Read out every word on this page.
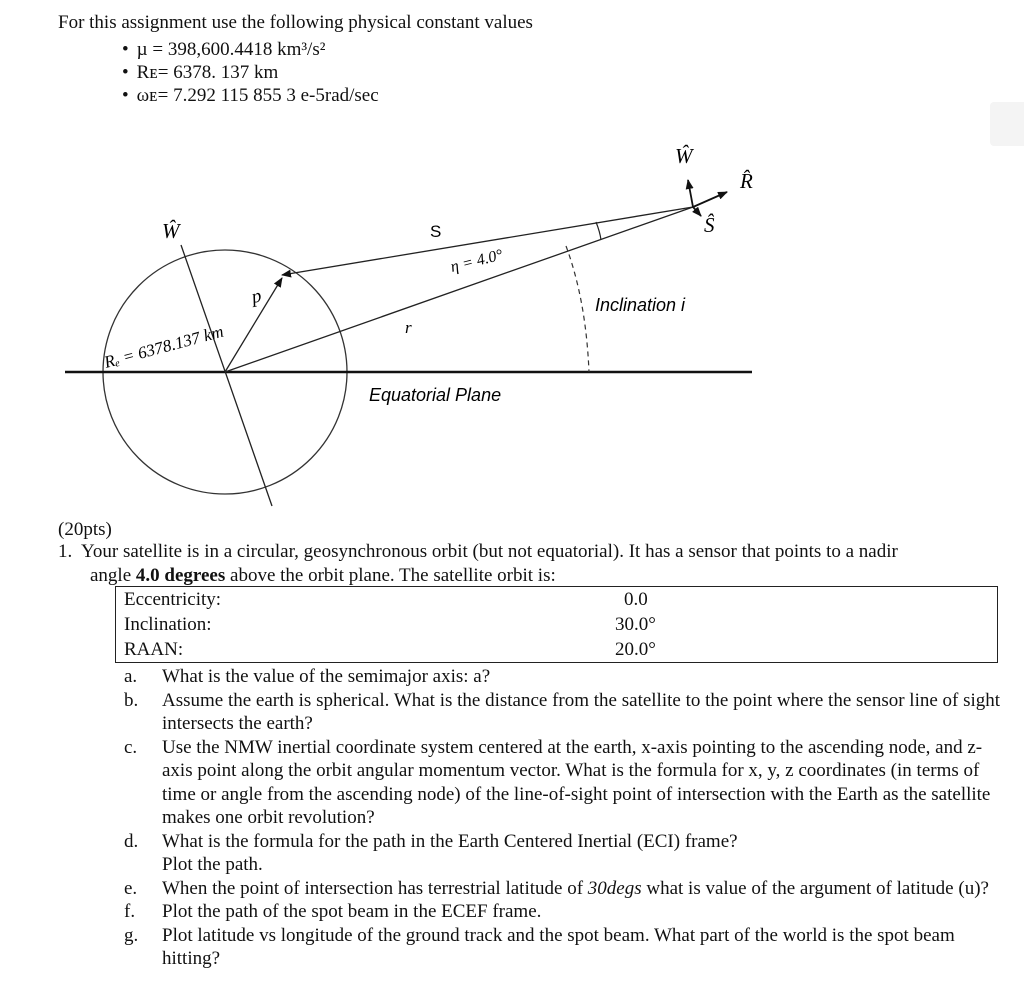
For this assignment use the following physical constant values
• µ = 398,600.4418 km³/s²
• Rᴇ= 6378. 137 km
• ωᴇ= 7.292 115 855 3 e-5rad/sec
Ŵ
Ŵ
R̂
Ŝ
S
η = 4.0°
p⃗
r⃗
Rₑ = 6378.137 km
Inclination i
Equatorial Plane
(20pts)
1. Your satellite is in a circular, geosynchronous orbit (but not equatorial). It has a sensor that points to a nadir
angle 4.0 degrees above the orbit plane. The satellite orbit is:
Eccentricity:	0.0
Inclination:	30.0°
RAAN:	20.0°
a.	What is the value of the semimajor axis: a?
b.	Assume the earth is spherical. What is the distance from the satellite to the point where the sensor line of sight intersects the earth?
c.	Use the NMW inertial coordinate system centered at the earth, x-axis pointing to the ascending node, and z-axis point along the orbit angular momentum vector. What is the formula for x, y, z coordinates (in terms of time or angle from the ascending node) of the line-of-sight point of intersection with the Earth as the satellite makes one orbit revolution?
d.	What is the formula for the path in the Earth Centered Inertial (ECI) frame?
Plot the path.
e.	When the point of intersection has terrestrial latitude of 30degs what is value of the argument of latitude (u)?
f.	Plot the path of the spot beam in the ECEF frame.
g.	Plot latitude vs longitude of the ground track and the spot beam. What part of the world is the spot beam hitting?
